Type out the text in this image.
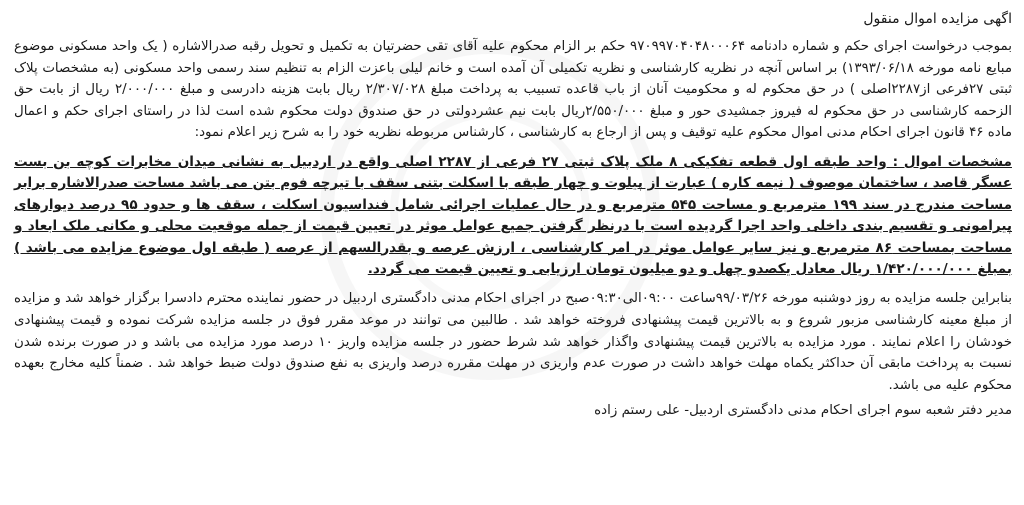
اگهی مزایده اموال منقول

بموجب درخواست اجرای حکم و شماره دادنامه ۹۷۰۹۹۷۰۴۰۴۸۰۰۰۶۴ حکم بر الزام محکوم علیه آقای تقی حضرتیان به تکمیل و تحویل رقبه صدرالاشاره ( یک واحد مسکونی موضوع مبایع نامه مورخه ۱۳۹۳/۰۶/۱۸) بر اساس آنچه در نظریه کارشناسی و نظریه تکمیلی آن آمده است و خانم لیلی باعزت الزام به تنظیم سند رسمی واحد مسکونی (به مشخصات پلاک ثبتی ۲۷فرعی از۲۲۸۷اصلی ) در حق محکوم له و محکومیت آنان از باب قاعده تسبیب به پرداخت مبلغ ۲/۳۰۷/۰۲۸ ریال بابت هزینه دادرسی و مبلغ ۲/۰۰۰/۰۰۰ ریال از بابت حق الزحمه کارشناسی در حق محکوم له فیروز جمشیدی حور و مبلغ ۲/۵۵۰/۰۰۰ریال بابت نیم عشردولتی در حق صندوق دولت محکوم شده است لذا در راستای اجرای حکم و اعمال ماده ۴۶ قانون اجرای احکام مدنی اموال محکوم علیه توقیف و پس از ارجاع به کارشناسی ، کارشناس مربوطه نظریه خود را به شرح زیر اعلام نمود:

مشخصات اموال : واحد طبقه اول قطعه تفکیکی ۸ ملک پلاک ثبتی ۲۷ فرعی از ۲۲۸۷ اصلی واقع در اردبیل به نشانی میدان مخابرات کوچه بن بست عسگر قاصد ، ساختمان موصوف ( نیمه کاره ) عبارت از پیلوت و چهار طبقه با اسکلت بتنی سقف با تیرچه فوم بتن می باشد مساحت صدرالاشاره برابر مساحت مندرج در سند ۱۹۹ مترمربع و مساحت ۵۴۵ مترمربع و در حال عملیات اجرائی شامل فنداسیون اسکلت ، سقف ها و حدود ۹۵ درصد دیوارهای پیرامونی و تقسیم بندی داخلی واحد اجرا گردیده است با درنظر گرفتن جمیع عوامل موثر در تعیین قیمت از جمله موقعیت محلی و مکانی ملک ابعاد و مساحت بمساحت ۸۶ مترمربع و نیز سایر عوامل موثر در امر کارشناسی ، ارزش عرصه و بقدرالسهم از عرصه ( طبقه اول موضوع مزایده می باشد ) بمبلغ ۱/۴۲۰/۰۰۰/۰۰۰ ریال معادل یکصدو چهل و دو میلیون تومان ارزیابی و تعیین قیمت می گردد.

بنابراین جلسه مزایده به روز دوشنبه مورخه ۹۹/۰۳/۲۶ساعت ۰۹:۰۰الی۰۹:۳۰صبح در اجرای احکام مدنی دادگستری اردبیل در حضور نماینده محترم دادسرا برگزار خواهد شد و مزایده از مبلغ معینه کارشناسی مزبور شروع و به بالاترین قیمت پیشنهادی فروخته خواهد شد . طالبین می توانند در موعد مقرر فوق در جلسه مزایده شرکت نموده و قیمت پیشنهادی خودشان را اعلام نمایند . مورد مزایده به بالاترین قیمت پیشنهادی واگذار خواهد شد شرط حضور در جلسه مزایده واریز ۱۰ درصد مورد مزایده می باشد و در صورت برنده شدن نسبت به پرداخت مابقی آن حداکثر یکماه مهلت خواهد داشت در صورت عدم واریزی در مهلت مقرره درصد واریزی به نفع صندوق دولت ضبط خواهد شد . ضمناً کلیه مخارج بعهده محکوم علیه می باشد.

مدیر دفتر شعبه سوم اجرای احکام مدنی دادگستری اردبیل- علی رستم زاده
